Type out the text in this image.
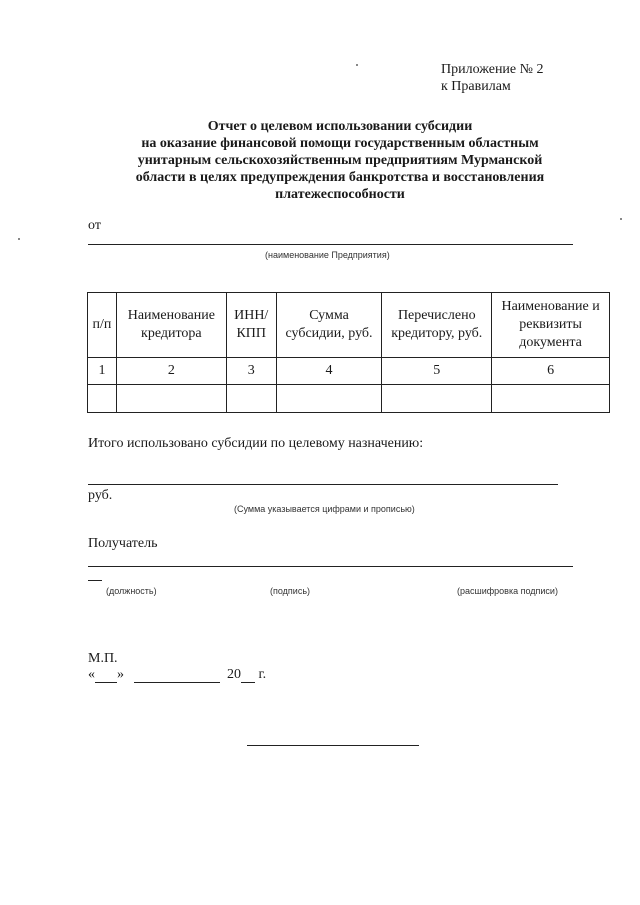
Приложение № 2
к Правилам
Отчет о целевом использовании субсидии
на оказание финансовой помощи государственным областным
унитарным сельскохозяйственным предприятиям Мурманской
области в целях предупреждения банкротства и восстановления
платежеспособности
от
(наименование Предприятия)
п/п	Наименование кредитора	ИНН/ КПП	Сумма субсидии, руб.	Перечислено кредитору, руб.	Наименование и реквизиты документа
1	2	3	4	5	6

Итого использовано субсидии по целевому назначению:
руб.
(Сумма указывается цифрами и прописью)
Получатель
(должность)	(подпись)	(расшифровка подписи)
М.П.
« »	20 г.
